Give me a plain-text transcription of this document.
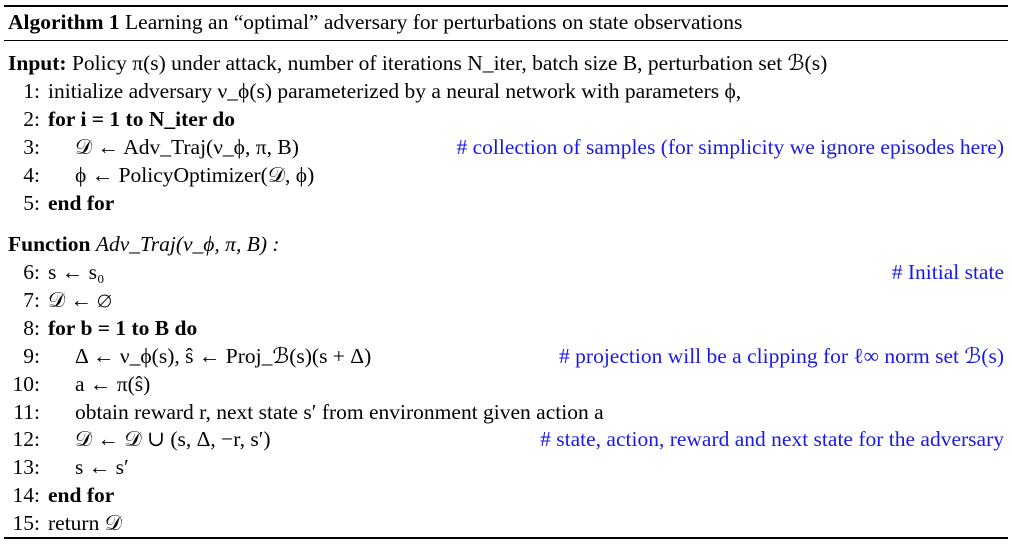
Algorithm 1 Learning an “optimal” adversary for perturbations on state observations
Input: Policy π(s) under attack, number of iterations N_iter, batch size B, perturbation set ℬ(s)
1: initialize adversary ν_ϕ(s) parameterized by a neural network with parameters ϕ,
2: for i = 1 to N_iter do
3: 𝒟 ← Adv_Traj(ν_ϕ, π, B)	# collection of samples (for simplicity we ignore episodes here)
4: ϕ ← PolicyOptimizer(𝒟, ϕ)
5: end for
Function Adv_Traj(ν_ϕ, π, B) :
6: s ← s₀	# Initial state
7: 𝒟 ← ∅
8: for b = 1 to B do
9: Δ ← ν_ϕ(s), ŝ ← Proj_ℬ(s)(s + Δ)	# projection will be a clipping for ℓ∞ norm set ℬ(s)
10: a ← π(ŝ)
11: obtain reward r, next state s′ from environment given action a
12: 𝒟 ← 𝒟 ∪ (s, Δ, −r, s′)	# state, action, reward and next state for the adversary
13: s ← s′
14: end for
15: return 𝒟
